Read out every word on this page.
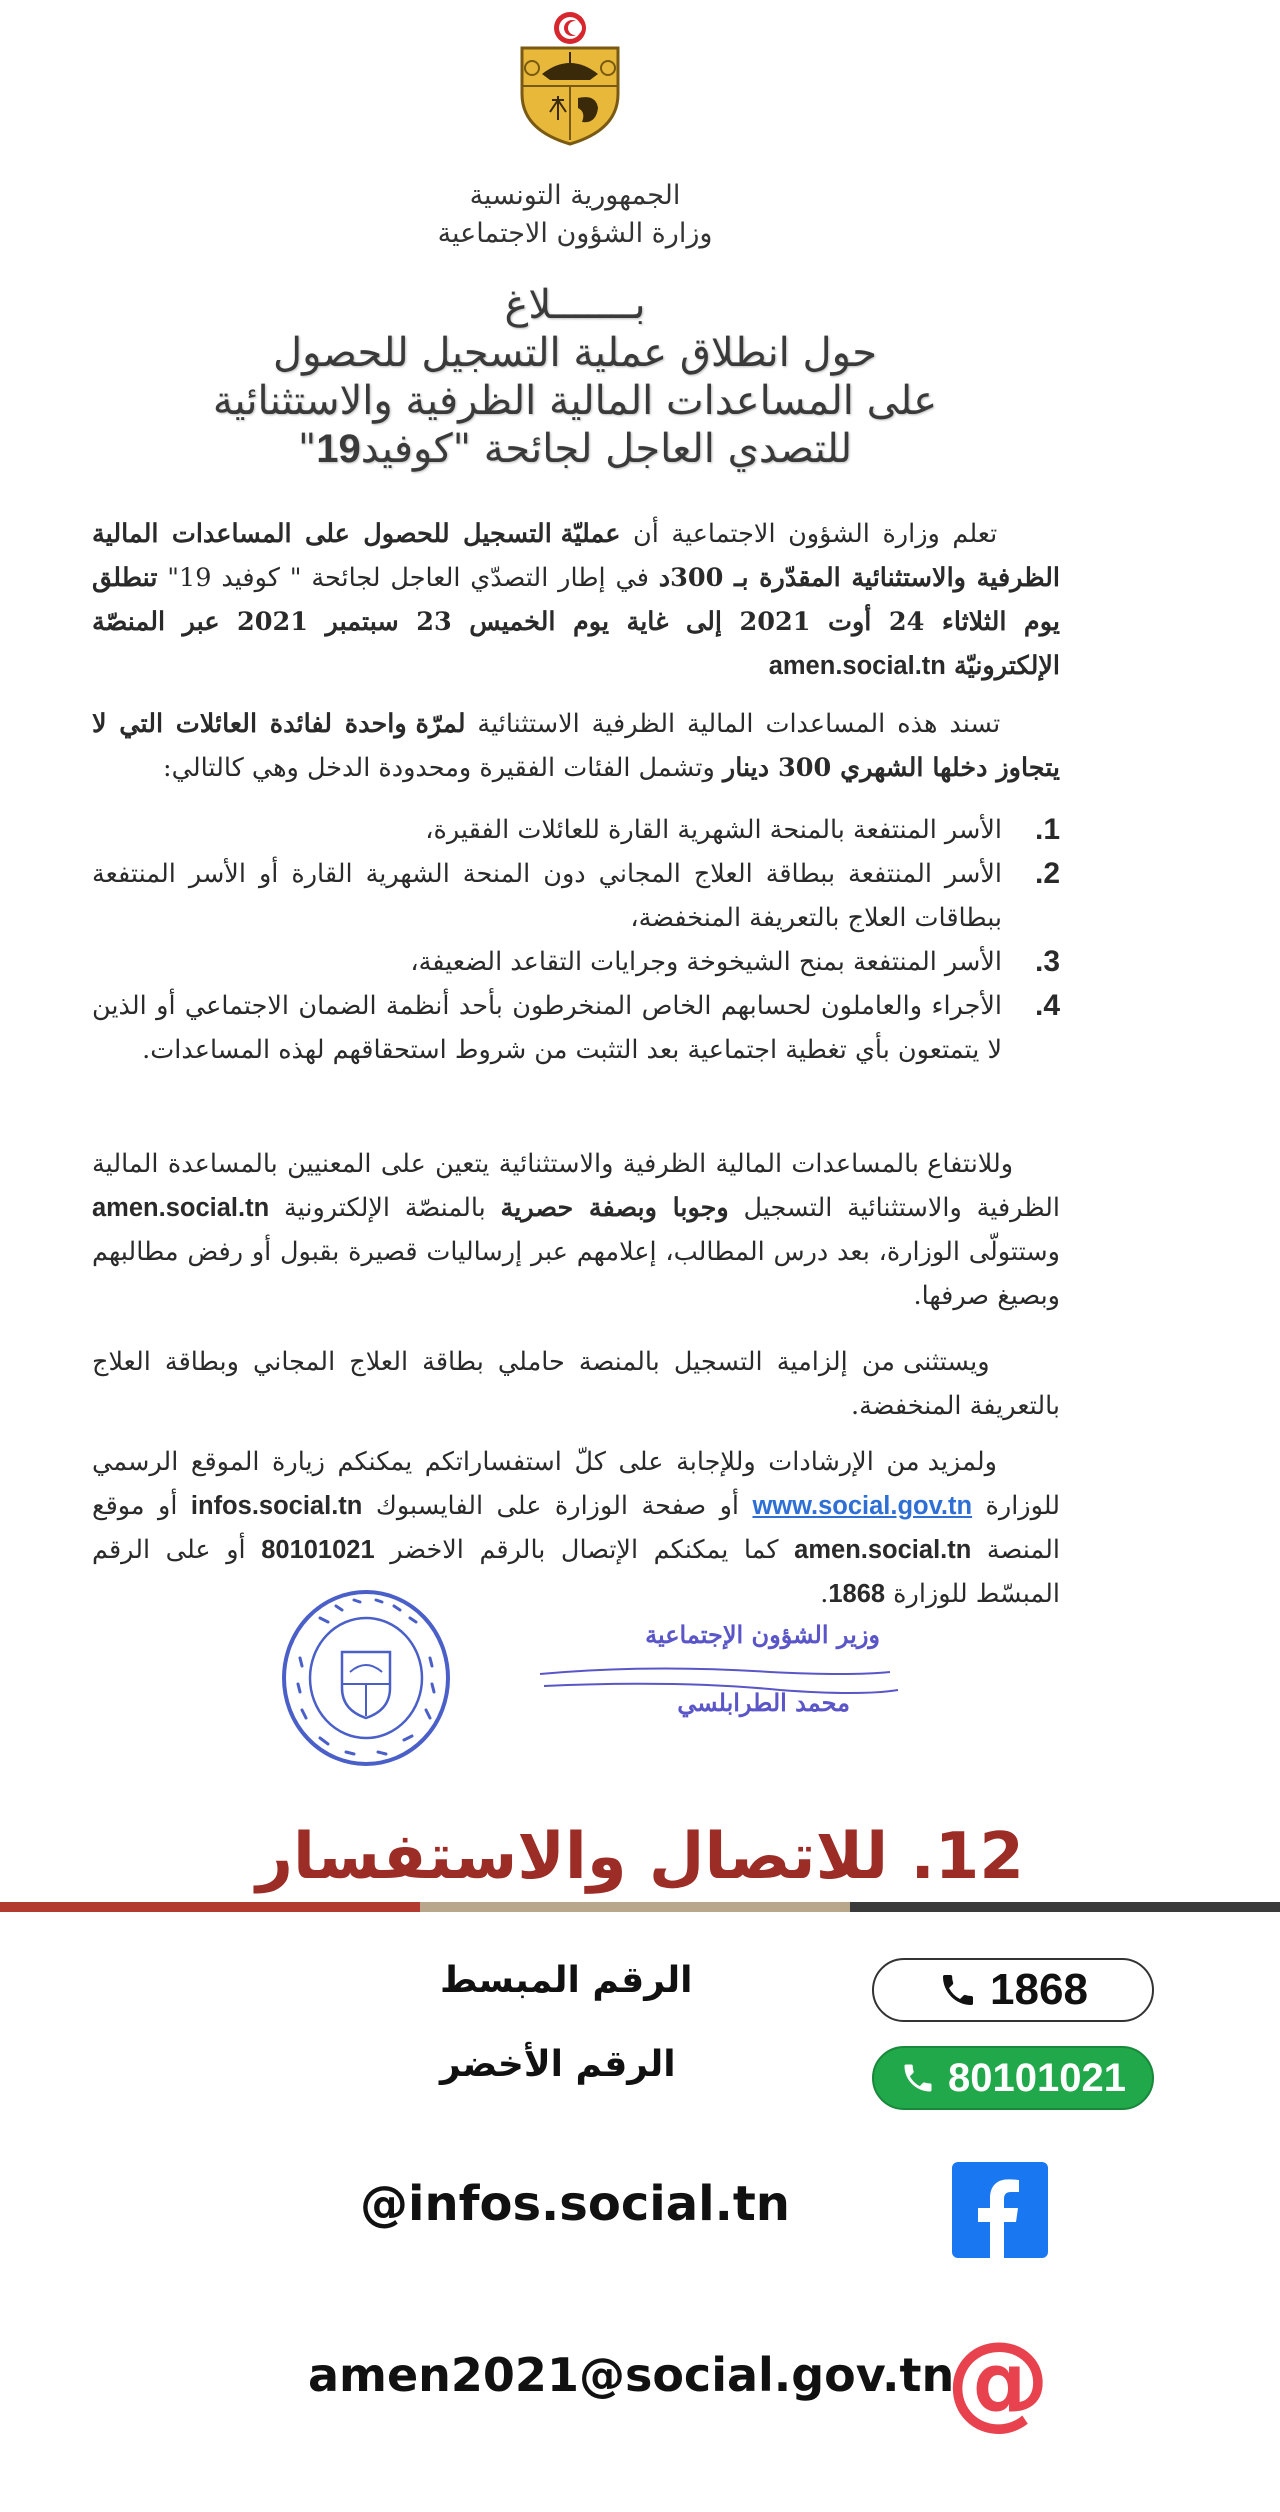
الجمهورية التونسية
وزارة الشؤون الاجتماعية
بـــــــلاغ
حول انطلاق عملية التسجيل للحصول
على المساعدات المالية الظرفية والاستثنائية
للتصدي العاجل لجائحة "كوفيد19"
تعلم وزارة الشؤون الاجتماعية أن عمليّة التسجيل للحصول على المساعدات المالية الظرفية والاستثنائية المقدّرة بـ 300د في إطار التصدّي العاجل لجائحة " كوفيد 19" تنطلق يوم الثلاثاء 24 أوت 2021 إلى غاية يوم الخميس 23 سبتمبر 2021 عبر المنصّة الإلكترونيّة amen.social.tn
تسند هذه المساعدات المالية الظرفية الاستثنائية لمرّة واحدة لفائدة العائلات التي لا يتجاوز دخلها الشهري 300 دينار وتشمل الفئات الفقيرة ومحدودة الدخل وهي كالتالي:
1.
الأسر المنتفعة بالمنحة الشهرية القارة للعائلات الفقيرة،
2.
الأسر المنتفعة ببطاقة العلاج المجاني دون المنحة الشهرية القارة أو الأسر المنتفعة ببطاقات العلاج بالتعريفة المنخفضة،
3.
الأسر المنتفعة بمنح الشيخوخة وجرايات التقاعد الضعيفة،
4.
الأجراء والعاملون لحسابهم الخاص المنخرطون بأحد أنظمة الضمان الاجتماعي أو الذين لا يتمتعون بأي تغطية اجتماعية بعد التثبت من شروط استحقاقهم لهذه المساعدات.
وللانتفاع بالمساعدات المالية الظرفية والاستثنائية يتعين على المعنيين بالمساعدة المالية الظرفية والاستثنائية التسجيل وجوبا وبصفة حصرية بالمنصّة الإلكترونية amen.social.tn وستتولّى الوزارة، بعد درس المطالب، إعلامهم عبر إرساليات قصيرة بقبول أو رفض مطالبهم وبصيغ صرفها.
ويستثنى من إلزامية التسجيل بالمنصة حاملي بطاقة العلاج المجاني وبطاقة العلاج بالتعريفة المنخفضة.
ولمزيد من الإرشادات وللإجابة على كلّ استفساراتكم يمكنكم زيارة الموقع الرسمي للوزارة www.social.gov.tn أو صفحة الوزارة على الفايسبوك infos.social.tn أو موقع المنصة amen.social.tn كما يمكنكم الإتصال بالرقم الاخضر 80101021 أو على الرقم المبسّط للوزارة 1868.
وزير الشؤون الإجتماعية
محمد الطرابلسي
12. للاتصال والاستفسار
الرقم المبسط	1868
الرقم الأخضر	80101021
@infos.social.tn
amen2021@social.gov.tn
@
